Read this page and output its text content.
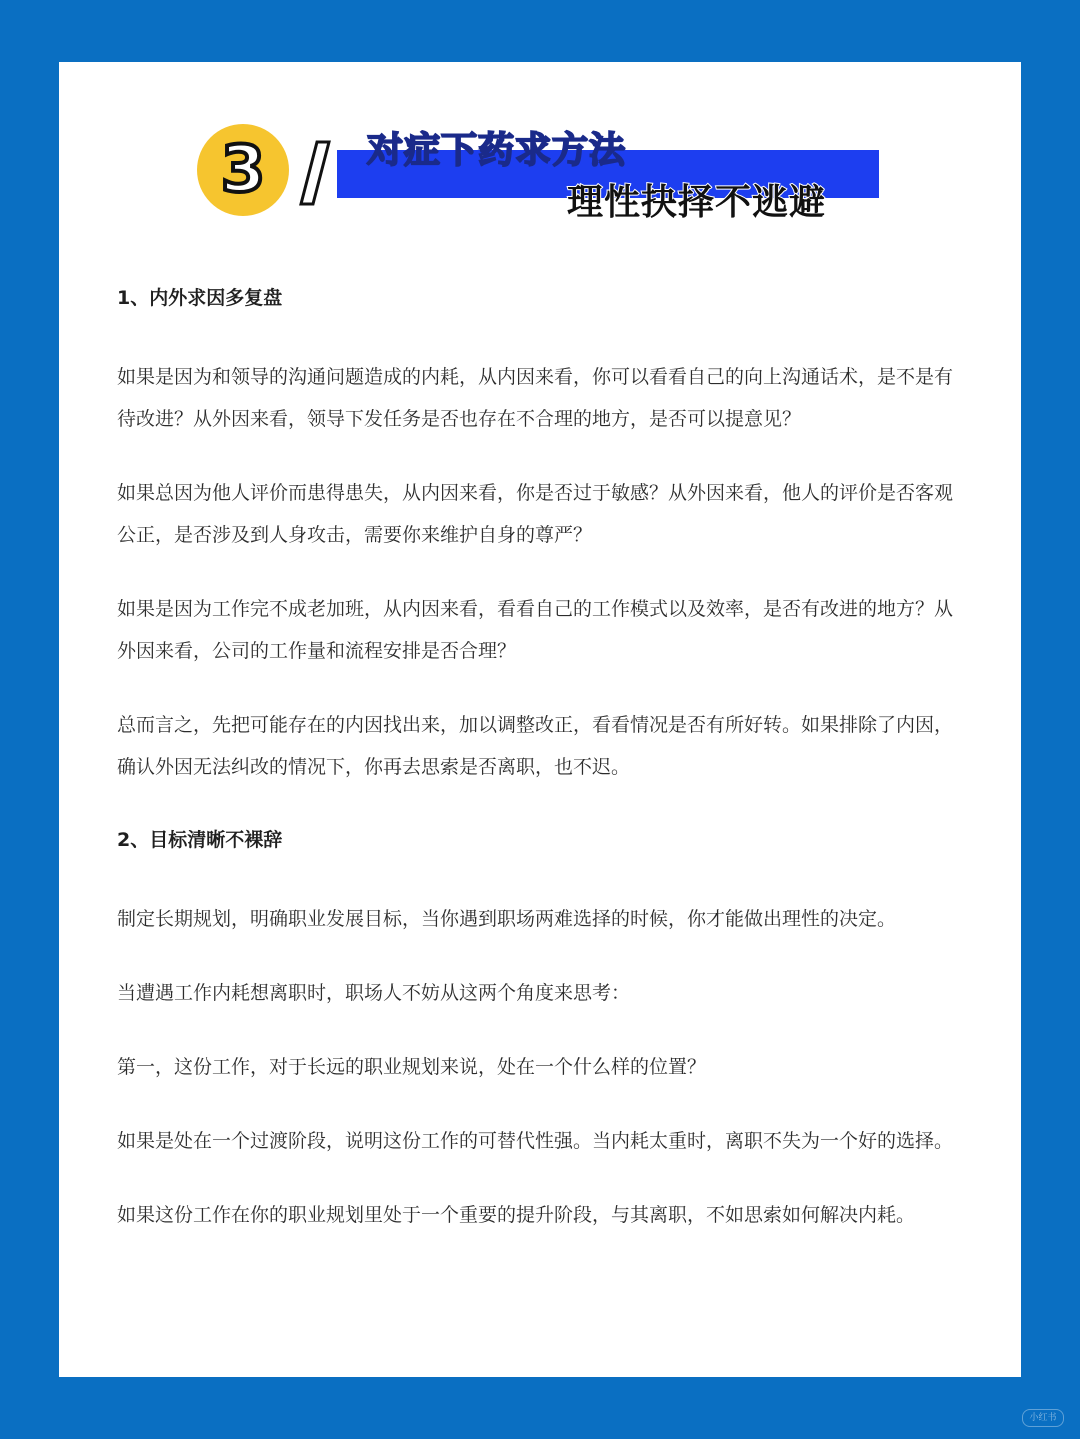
3	对症下药求方法
理性抉择不逃避
1、内外求因多复盘

如果是因为和领导的沟通问题造成的内耗，从内因来看，你可以看看自己的向上沟通话术，是不是有待改进？从外因来看，领导下发任务是否也存在不合理的地方，是否可以提意见？

如果总因为他人评价而患得患失，从内因来看，你是否过于敏感？从外因来看，他人的评价是否客观公正，是否涉及到人身攻击，需要你来维护自身的尊严？

如果是因为工作完不成老加班，从内因来看，看看自己的工作模式以及效率，是否有改进的地方？从外因来看，公司的工作量和流程安排是否合理？

总而言之，先把可能存在的内因找出来，加以调整改正，看看情况是否有所好转。如果排除了内因，确认外因无法纠改的情况下，你再去思索是否离职，也不迟。

2、目标清晰不裸辞

制定长期规划，明确职业发展目标，当你遇到职场两难选择的时候，你才能做出理性的决定。

当遭遇工作内耗想离职时，职场人不妨从这两个角度来思考：

第一，这份工作，对于长远的职业规划来说，处在一个什么样的位置？

如果是处在一个过渡阶段，说明这份工作的可替代性强。当内耗太重时，离职不失为一个好的选择。

如果这份工作在你的职业规划里处于一个重要的提升阶段，与其离职，不如思索如何解决内耗。

小红书
